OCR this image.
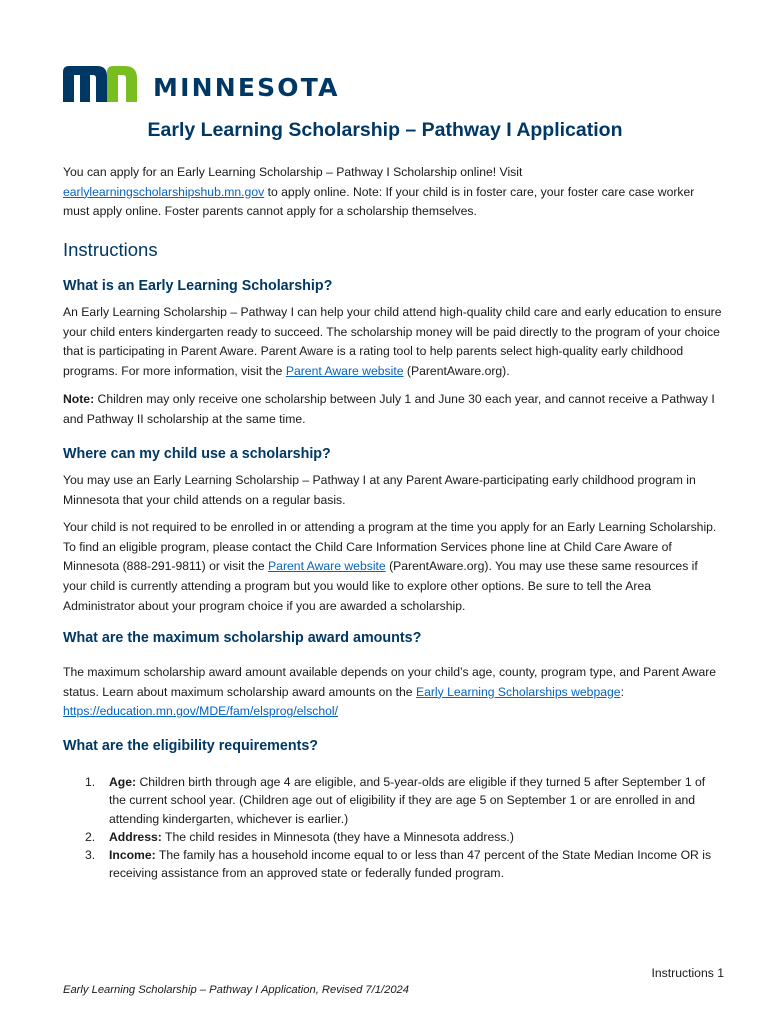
MINNESOTA
Early Learning Scholarship – Pathway I Application

You can apply for an Early Learning Scholarship – Pathway I Scholarship online! Visit earlylearningscholarshipshub.mn.gov to apply online. Note: If your child is in foster care, your foster care case worker must apply online. Foster parents cannot apply for a scholarship themselves.

Instructions
What is an Early Learning Scholarship?

An Early Learning Scholarship – Pathway I can help your child attend high-quality child care and early education to ensure your child enters kindergarten ready to succeed. The scholarship money will be paid directly to the program of your choice that is participating in Parent Aware. Parent Aware is a rating tool to help parents select high-quality early childhood programs. For more information, visit the Parent Aware website (ParentAware.org).

Note: Children may only receive one scholarship between July 1 and June 30 each year, and cannot receive a Pathway I and Pathway II scholarship at the same time.

Where can my child use a scholarship?

You may use an Early Learning Scholarship – Pathway I at any Parent Aware-participating early childhood program in Minnesota that your child attends on a regular basis.

Your child is not required to be enrolled in or attending a program at the time you apply for an Early Learning Scholarship. To find an eligible program, please contact the Child Care Information Services phone line at Child Care Aware of Minnesota (888-291-9811) or visit the Parent Aware website (ParentAware.org). You may use these same resources if your child is currently attending a program but you would like to explore other options. Be sure to tell the Area Administrator about your program choice if you are awarded a scholarship.

What are the maximum scholarship award amounts?

The maximum scholarship award amount available depends on your child’s age, county, program type, and Parent Aware status. Learn about maximum scholarship award amounts on the Early Learning Scholarships webpage:
https://education.mn.gov/MDE/fam/elsprog/elschol/

What are the eligibility requirements?
1. Age: Children birth through age 4 are eligible, and 5-year-olds are eligible if they turned 5 after September 1 of the current school year. (Children age out of eligibility if they are age 5 on September 1 or are enrolled in and attending kindergarten, whichever is earlier.)
2. Address: The child resides in Minnesota (they have a Minnesota address.)
3. Income: The family has a household income equal to or less than 47 percent of the State Median Income OR is receiving assistance from an approved state or federally funded program.
Instructions 1
Early Learning Scholarship – Pathway I Application, Revised 7/1/2024
